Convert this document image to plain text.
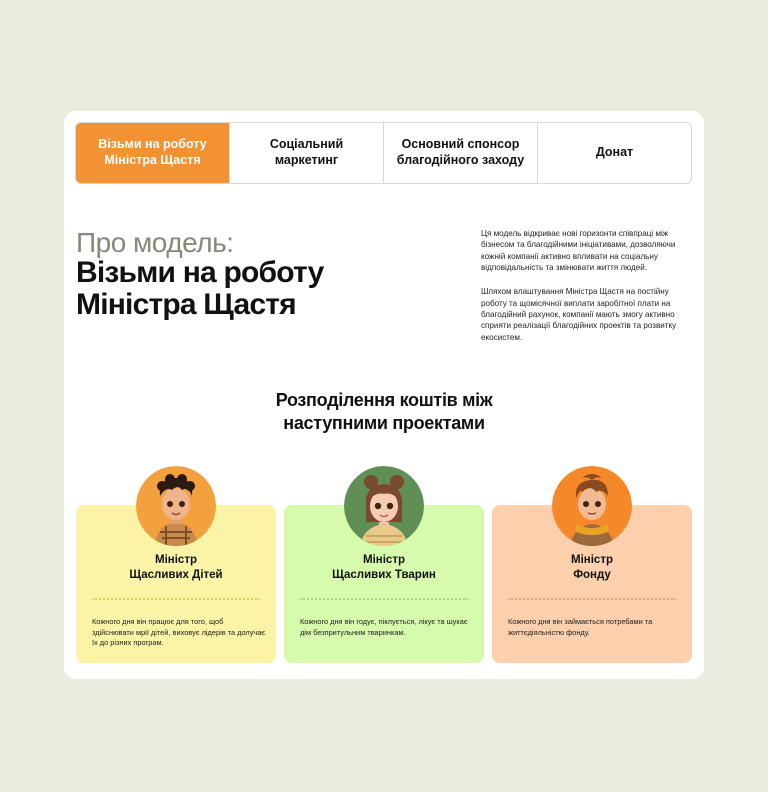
Візьми на роботу
Міністра Щастя
Соціальний
маркетинг
Основний спонсор
благодійного заходу
Донат
Про модель:
Візьми на роботу
Міністра Щастя

Ця модель відкриває нові горизонти співпраці між бізнесом та благодійними ініціативами, дозволяючи кожній компанії активно впливати на соціальну відповідальність та змінювати життя людей.

Шляхом влаштування Міністра Щастя на постійну роботу та щомісячної виплати заробітної плати на благодійний рахунок, компанії мають змогу активно сприяти реалізації благодійних проектів та розвитку екосистем.

Розподілення коштів між
наступними проектами
Міністр
Щасливих Дітей
Кожного дня він працює для того, щоб здійснювати мрії дітей, виховує лідерів та долучає їх до різних програм.
Міністр
Щасливих Тварин
Кожного дня він годує, піклується, лікує та шукає дім безпритульним тваринкам.
Міністр
Фонду
Кожного дня він займається потребами та життєдіяльністю фонду.
